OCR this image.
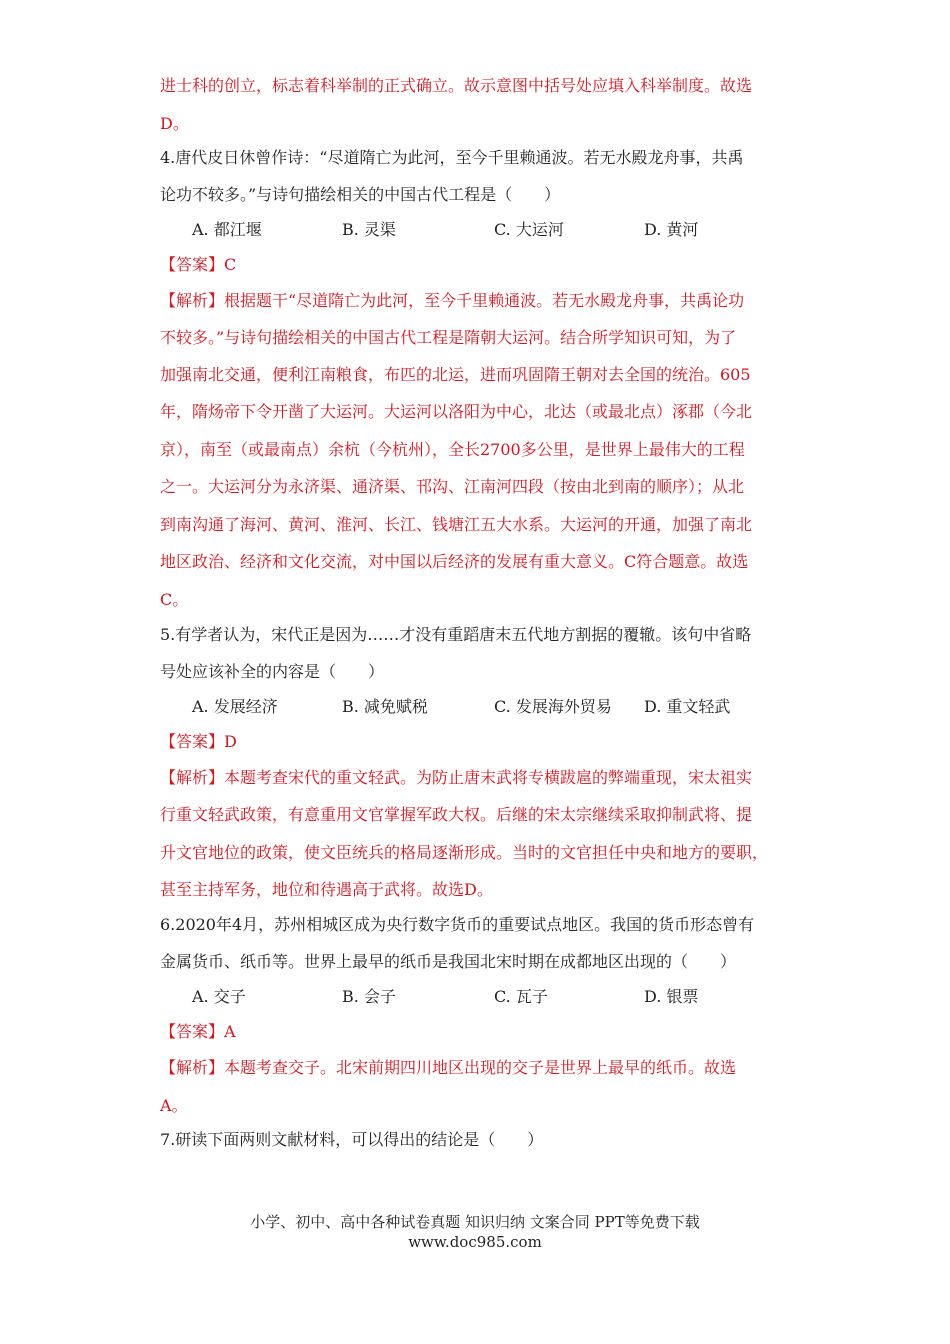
进士科的创立，标志着科举制的正式确立。故示意图中括号处应填入科举制度。故选
D。
4.唐代皮日休曾作诗：“尽道隋亡为此河，至今千里赖通波。若无水殿龙舟事，共禹
论功不较多。”与诗句描绘相关的中国古代工程是（　　）
A. 都江堰	B. 灵渠	C. 大运河	D. 黄河
【答案】C
【解析】根据题干“尽道隋亡为此河，至今千里赖通波。若无水殿龙舟事，共禹论功
不较多。”与诗句描绘相关的中国古代工程是隋朝大运河。结合所学知识可知，为了
加强南北交通，便利江南粮食，布匹的北运，进而巩固隋王朝对去全国的统治。605
年，隋炀帝下令开凿了大运河。大运河以洛阳为中心，北达（或最北点）涿郡（今北
京），南至（或最南点）余杭（今杭州），全长2700多公里，是世界上最伟大的工程
之一。大运河分为永济渠、通济渠、邗沟、江南河四段（按由北到南的顺序）；从北
到南沟通了海河、黄河、淮河、长江、钱塘江五大水系。大运河的开通，加强了南北
地区政治、经济和文化交流，对中国以后经济的发展有重大意义。C符合题意。故选
C。
5.有学者认为，宋代正是因为……才没有重蹈唐末五代地方割据的覆辙。该句中省略
号处应该补全的内容是（　　）
A. 发展经济	B. 减免赋税	C. 发展海外贸易 D. 重文轻武
【答案】D
【解析】本题考查宋代的重文轻武。为防止唐末武将专横跋扈的弊端重现，宋太祖实
行重文轻武政策，有意重用文官掌握军政大权。后继的宋太宗继续采取抑制武将、提
升文官地位的政策，使文臣统兵的格局逐渐形成。当时的文官担任中央和地方的要职，
甚至主持军务，地位和待遇高于武将。故选D。
6.2020年4月，苏州相城区成为央行数字货币的重要试点地区。我国的货币形态曾有
金属货币、纸币等。世界上最早的纸币是我国北宋时期在成都地区出现的（　　）
A. 交子	B. 会子	C. 瓦子	D. 银票
【答案】A
【解析】本题考查交子。北宋前期四川地区出现的交子是世界上最早的纸币。故选
A。
7.研读下面两则文献材料，可以得出的结论是（　　）
小学、初中、高中各种试卷真题 知识归纳 文案合同 PPT等免费下载
www.doc985.com
